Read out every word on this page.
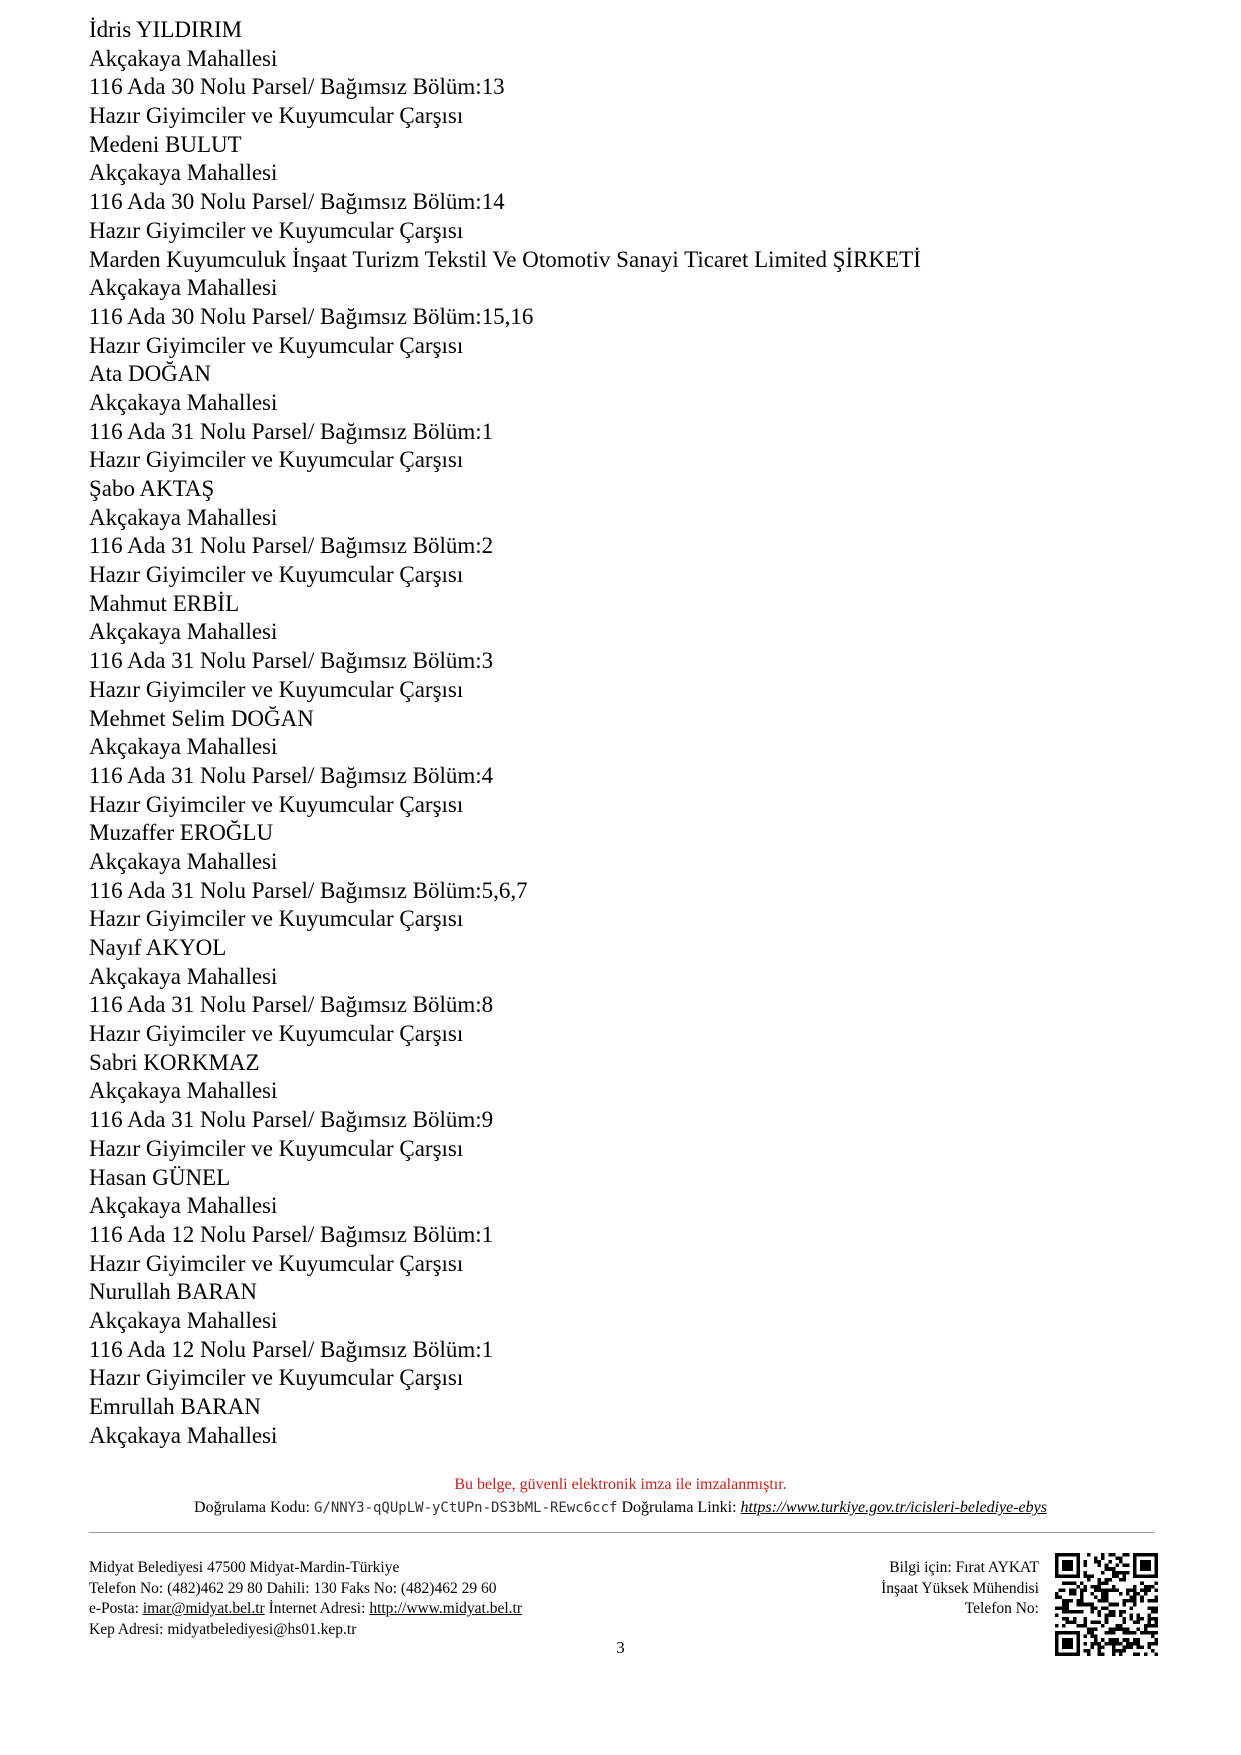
İdris YILDIRIM
Akçakaya Mahallesi
116 Ada 30 Nolu Parsel/ Bağımsız Bölüm:13
Hazır Giyimciler ve Kuyumcular Çarşısı
Medeni BULUT
Akçakaya Mahallesi
116 Ada 30 Nolu Parsel/ Bağımsız Bölüm:14
Hazır Giyimciler ve Kuyumcular Çarşısı
Marden Kuyumculuk İnşaat Turizm Tekstil Ve Otomotiv Sanayi Ticaret Limited ŞİRKETİ
Akçakaya Mahallesi
116 Ada 30 Nolu Parsel/ Bağımsız Bölüm:15,16
Hazır Giyimciler ve Kuyumcular Çarşısı
Ata DOĞAN
Akçakaya Mahallesi
116 Ada 31 Nolu Parsel/ Bağımsız Bölüm:1
Hazır Giyimciler ve Kuyumcular Çarşısı
Şabo AKTAŞ
Akçakaya Mahallesi
116 Ada 31 Nolu Parsel/ Bağımsız Bölüm:2
Hazır Giyimciler ve Kuyumcular Çarşısı
Mahmut ERBİL
Akçakaya Mahallesi
116 Ada 31 Nolu Parsel/ Bağımsız Bölüm:3
Hazır Giyimciler ve Kuyumcular Çarşısı
Mehmet Selim DOĞAN
Akçakaya Mahallesi
116 Ada 31 Nolu Parsel/ Bağımsız Bölüm:4
Hazır Giyimciler ve Kuyumcular Çarşısı
Muzaffer EROĞLU
Akçakaya Mahallesi
116 Ada 31 Nolu Parsel/ Bağımsız Bölüm:5,6,7
Hazır Giyimciler ve Kuyumcular Çarşısı
Nayıf AKYOL
Akçakaya Mahallesi
116 Ada 31 Nolu Parsel/ Bağımsız Bölüm:8
Hazır Giyimciler ve Kuyumcular Çarşısı
Sabri KORKMAZ
Akçakaya Mahallesi
116 Ada 31 Nolu Parsel/ Bağımsız Bölüm:9
Hazır Giyimciler ve Kuyumcular Çarşısı
Hasan GÜNEL
Akçakaya Mahallesi
116 Ada 12 Nolu Parsel/ Bağımsız Bölüm:1
Hazır Giyimciler ve Kuyumcular Çarşısı
Nurullah BARAN
Akçakaya Mahallesi
116 Ada 12 Nolu Parsel/ Bağımsız Bölüm:1
Hazır Giyimciler ve Kuyumcular Çarşısı
Emrullah BARAN
Akçakaya Mahallesi
Bu belge, güvenli elektronik imza ile imzalanmıştır.
Doğrulama Kodu: G/NNY3-qQUpLW-yCtUPn-DS3bML-REwc6ccf Doğrulama Linki: https://www.turkiye.gov.tr/icisleri-belediye-ebys
Midyat Belediyesi 47500 Midyat-Mardin-Türkiye
Telefon No: (482)462 29 80 Dahili: 130 Faks No: (482)462 29 60
e-Posta: imar@midyat.bel.tr İnternet Adresi: http://www.midyat.bel.tr
Kep Adresi: midyatbelediyesi@hs01.kep.tr
Bilgi için: Fırat AYKAT
İnşaat Yüksek Mühendisi
Telefon No:
3
